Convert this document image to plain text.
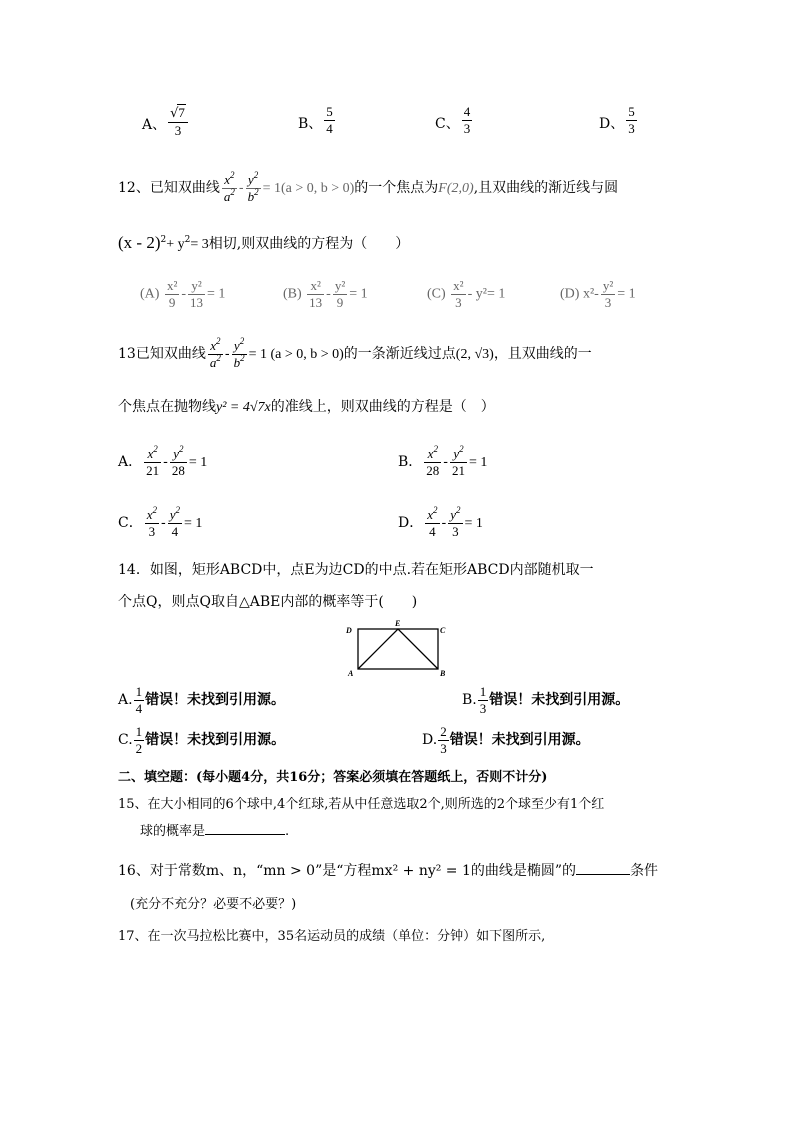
A、 $\frac{√7}{3}$	B、 $\frac{5}{4}$	C、 $\frac{4}{3}$	D、 $\frac{5}{3}$
12、已知双曲线 $\frac{x^2}{a^2} - \frac{y^2}{b^2} = 1(a > 0$, b > 0)的一个焦点为F(2,0),且双曲线的渐近线与圆
$(x - 2)^2+ y^2= 3$相切,则双曲线的方程为（　　）
$(A) \frac{\text{x²}}{9} - \frac{\text{y²}}{13} = 1$	$(B) \frac{\text{x²}}{13} - \frac{\text{y²}}{9} = 1$	$(C) \frac{\text{x²}}{3} - y^2= 1$	(D) $x^2- \frac{\text{y²}}{3} = 1$
13已知双曲线 $\frac{x^2}{a^2} - \frac{y^2}{b^2} = 1$ (a > 0, b > 0)的一条渐近线过点(2, √3)，且双曲线的一
个焦点在抛物线y² = 4√7x的准线上，则双曲线的方程是（　）
A． $\frac{x^2}{21} - \frac{y^2}{28} = 1$	B． $\frac{x^2}{28} - \frac{y^2}{21} = 1$
C． $\frac{x^2}{3} - \frac{y^2}{4} = 1$	D． $\frac{x^2}{4} - \frac{y^2}{3} = 1$
14．如图，矩形ABCD中，点E为边CD的中点.若在矩形ABCD内部随机取一
个点Q，则点Q取自△ABE内部的概率等于(　　)
D
E
C
A	B
A. $\frac{1}{4}$ 错误！未找到引用源。	B. $\frac{1}{3}$ 错误！未找到引用源。
C. $\frac{1}{2}$ 错误！未找到引用源。	D. $\frac{2}{3}$ 错误！未找到引用源。
二、填空题：(每小题4分，共16分；答案必须填在答题纸上，否则不计分)
15、在大小相同的6个球中,4个红球,若从中任意选取2个,则所选的2个球至少有1个红
球的概率是	.
16、对于常数m、n，“mn > 0”是“方程mx² + ny² = 1的曲线是椭圆”的	条件
(充分不充分？必要不必要？)
17、在一次马拉松比赛中，35名运动员的成绩（单位：分钟）如下图所示,
